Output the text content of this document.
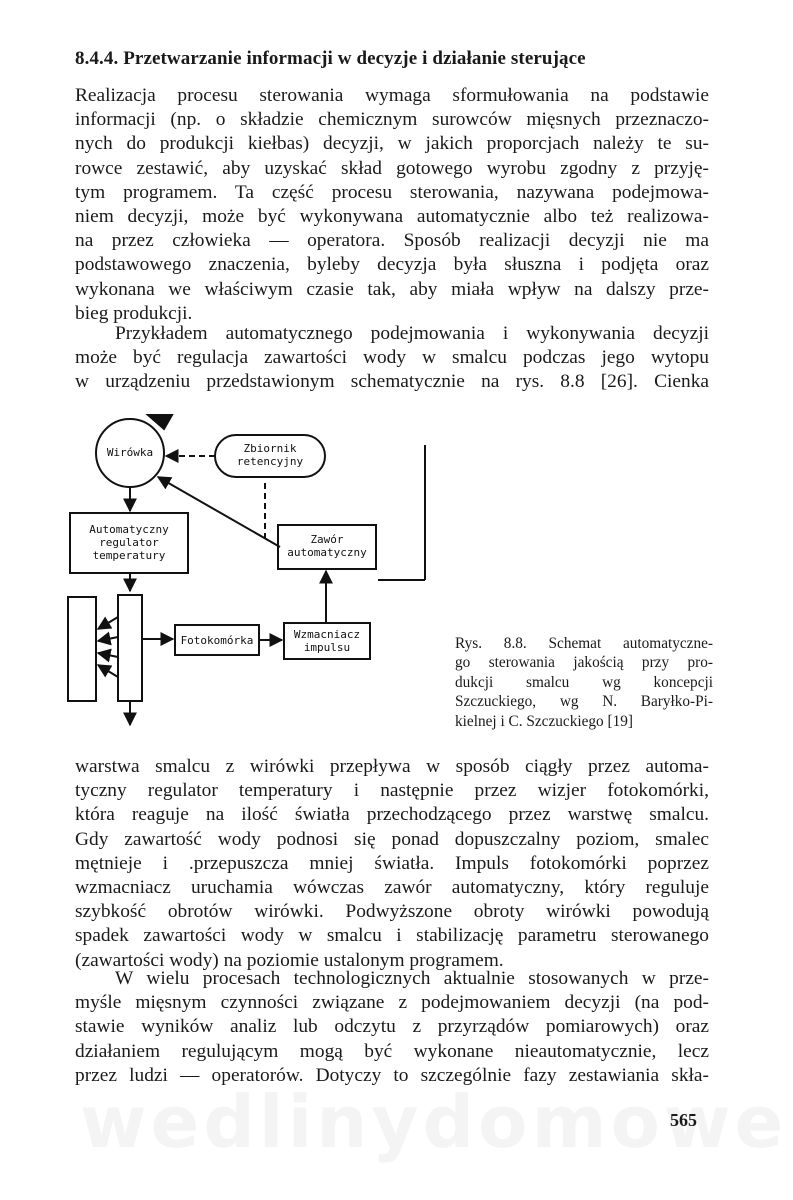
8.4.4. Przetwarzanie informacji w decyzje i działanie sterujące
Realizacja procesu sterowania wymaga sformułowania na podstawie
informacji (np. o składzie chemicznym surowców mięsnych przeznaczo-
nych do produkcji kiełbas) decyzji, w jakich proporcjach należy te su-
rowce zestawić, aby uzyskać skład gotowego wyrobu zgodny z przyję-
tym programem. Ta część procesu sterowania, nazywana podejmowa-
niem decyzji, może być wykonywana automatycznie albo też realizowa-
na przez człowieka — operatora. Sposób realizacji decyzji nie ma
podstawowego znaczenia, byleby decyzja była słuszna i podjęta oraz
wykonana we właściwym czasie tak, aby miała wpływ na dalszy prze-
bieg produkcji.
Przykładem automatycznego podejmowania i wykonywania decyzji
może być regulacja zawartości wody w smalcu podczas jego wytopu
w urządzeniu przedstawionym schematycznie na rys. 8.8 [26]. Cienka
Wirówka	Zbiornik
retencyjny
Automatyczny
regulator
temperatury
Zawór
automatyczny
Fotokomórka	Wzmacniacz
impulsu	Rys. 8.8. Schemat automatyczne-
go sterowania jakością przy pro-
dukcji smalcu wg koncepcji
Szczuckiego, wg N. Baryłko-Pi-
kielnej i C. Szczuckiego [19]
warstwa smalcu z wirówki przepływa w sposób ciągły przez automa-
tyczny regulator temperatury i następnie przez wizjer fotokomórki,
która reaguje na ilość światła przechodzącego przez warstwę smalcu.
Gdy zawartość wody podnosi się ponad dopuszczalny poziom, smalec
mętnieje i .przepuszcza mniej światła. Impuls fotokomórki poprzez
wzmacniacz uruchamia wówczas zawór automatyczny, który reguluje
szybkość obrotów wirówki. Podwyższone obroty wirówki powodują
spadek zawartości wody w smalcu i stabilizację parametru sterowanego
(zawartości wody) na poziomie ustalonym programem.
W wielu procesach technologicznych aktualnie stosowanych w prze-
myśle mięsnym czynności związane z podejmowaniem decyzji (na pod-
stawie wyników analiz lub odczytu z przyrządów pomiarowych) oraz
działaniem regulującym mogą być wykonane nieautomatycznie, lecz
przez ludzi — operatorów. Dotyczy to szczególnie fazy zestawiania skła-
565
